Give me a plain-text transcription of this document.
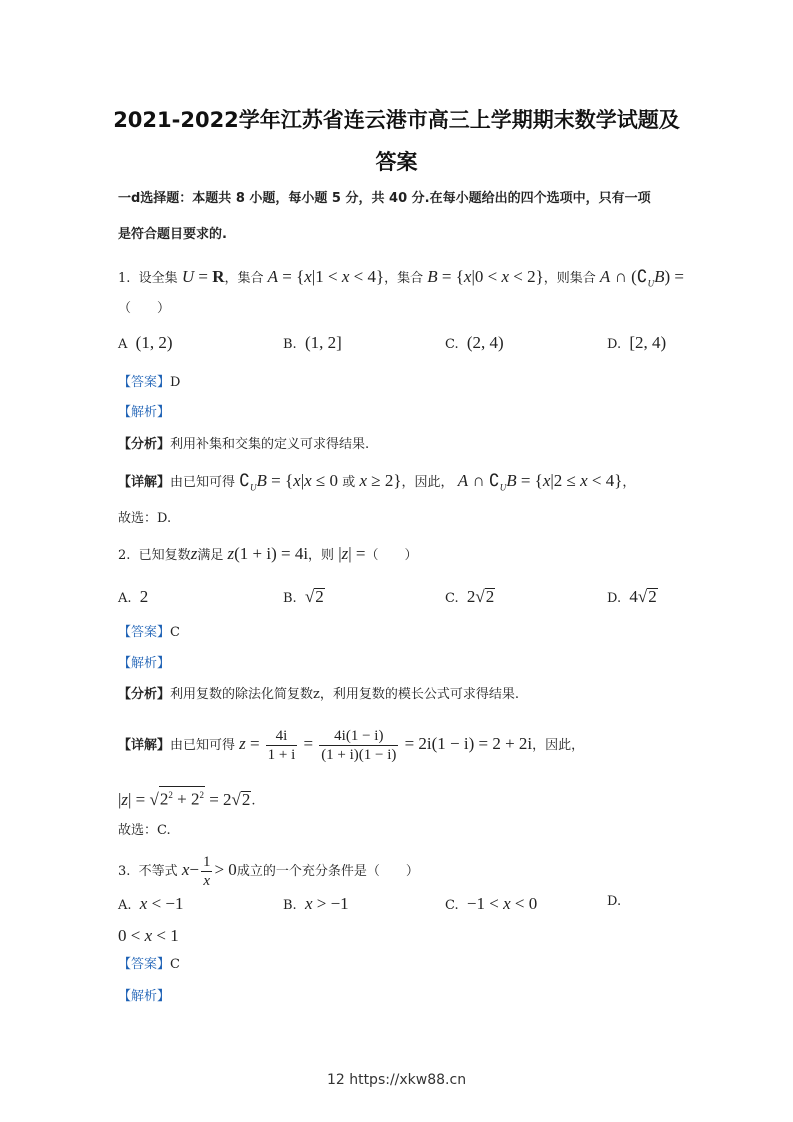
2021-2022学年江苏省连云港市高三上学期期末数学试题及
答案
一d选择题：本题共 8 小题，每小题 5 分，共 40 分.在每小题给出的四个选项中，只有一项
是符合题目要求的.
1. 设全集 U = R，集合 A = {x|1 < x < 4}，集合 B = {x|0 < x < 2}，则集合 A ∩ $(∁_UB)$ =
（　　）
A (1, 2)	B. (1, 2]	C. (2, 4)	D. [2, 4)
【答案】D
【解析】
【分析】利用补集和交集的定义可求得结果.
【详解】由已知可得 $∁_UB = \{x|x \le 0$ 或 x ≥ 2}，因此， A ∩ $∁_UB = \{x|2 \le x < 4\}$，
故选：D.
2. 已知复数z满足 z(1 + i) = 4i，则 |z| =（　　）
A. 2	B. √2	C. 2√2	D. 4√2
【答案】C
【解析】
【分析】利用复数的除法化简复数z，利用复数的模长公式可求得结果.
【详解】由已知可得 $z = \frac{4i}{1 + i} = \frac{4i(1 - i)}{(1 + i)(1 - i)} = 2i(1 - i) = 2 + 2i$，因此，
$|z| = √2^2 + 2^2 = 2√2$.
故选：C.
3. 不等式 $x- \frac{1}{x} > 0$成立的一个充分条件是（　　）
A. x < −1	B. x > −1	C. −1 < x < 0	D.
0 < x < 1
【答案】C
【解析】
12 https://xkw88.cn
